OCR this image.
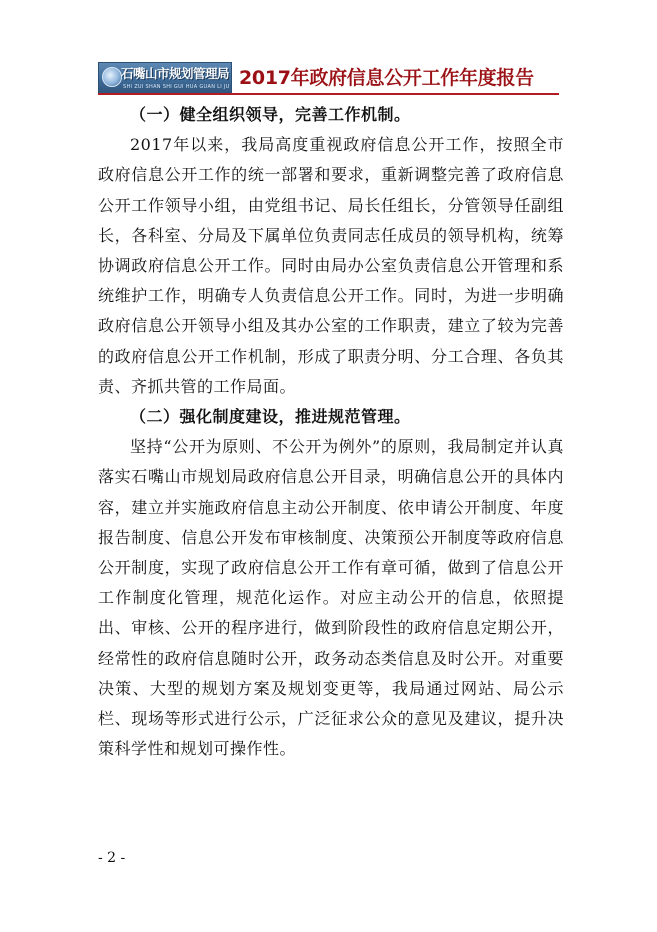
石嘴山市规划管理局
SHI ZUI SHAN SHI GUI HUA GUAN LI JU 2017年政府信息公开工作年度报告
（一）健全组织领导，完善工作机制。

2017年以来，我局高度重视政府信息公开工作，按照全市政府信息公开工作的统一部署和要求，重新调整完善了政府信息公开工作领导小组，由党组书记、局长任组长，分管领导任副组长，各科室、分局及下属单位负责同志任成员的领导机构，统筹协调政府信息公开工作。同时由局办公室负责信息公开管理和系统维护工作，明确专人负责信息公开工作。同时，为进一步明确政府信息公开领导小组及其办公室的工作职责，建立了较为完善的政府信息公开工作机制，形成了职责分明、分工合理、各负其责、齐抓共管的工作局面。

（二）强化制度建设，推进规范管理。

坚持“公开为原则、不公开为例外”的原则，我局制定并认真落实石嘴山市规划局政府信息公开目录，明确信息公开的具体内容，建立并实施政府信息主动公开制度、依申请公开制度、年度报告制度、信息公开发布审核制度、决策预公开制度等政府信息公开制度，实现了政府信息公开工作有章可循，做到了信息公开工作制度化管理，规范化运作。对应主动公开的信息，依照提出、审核、公开的程序进行，做到阶段性的政府信息定期公开，经常性的政府信息随时公开，政务动态类信息及时公开。对重要决策、大型的规划方案及规划变更等，我局通过网站、局公示栏、现场等形式进行公示，广泛征求公众的意见及建议，提升决策科学性和规划可操作性。

- 2 -
